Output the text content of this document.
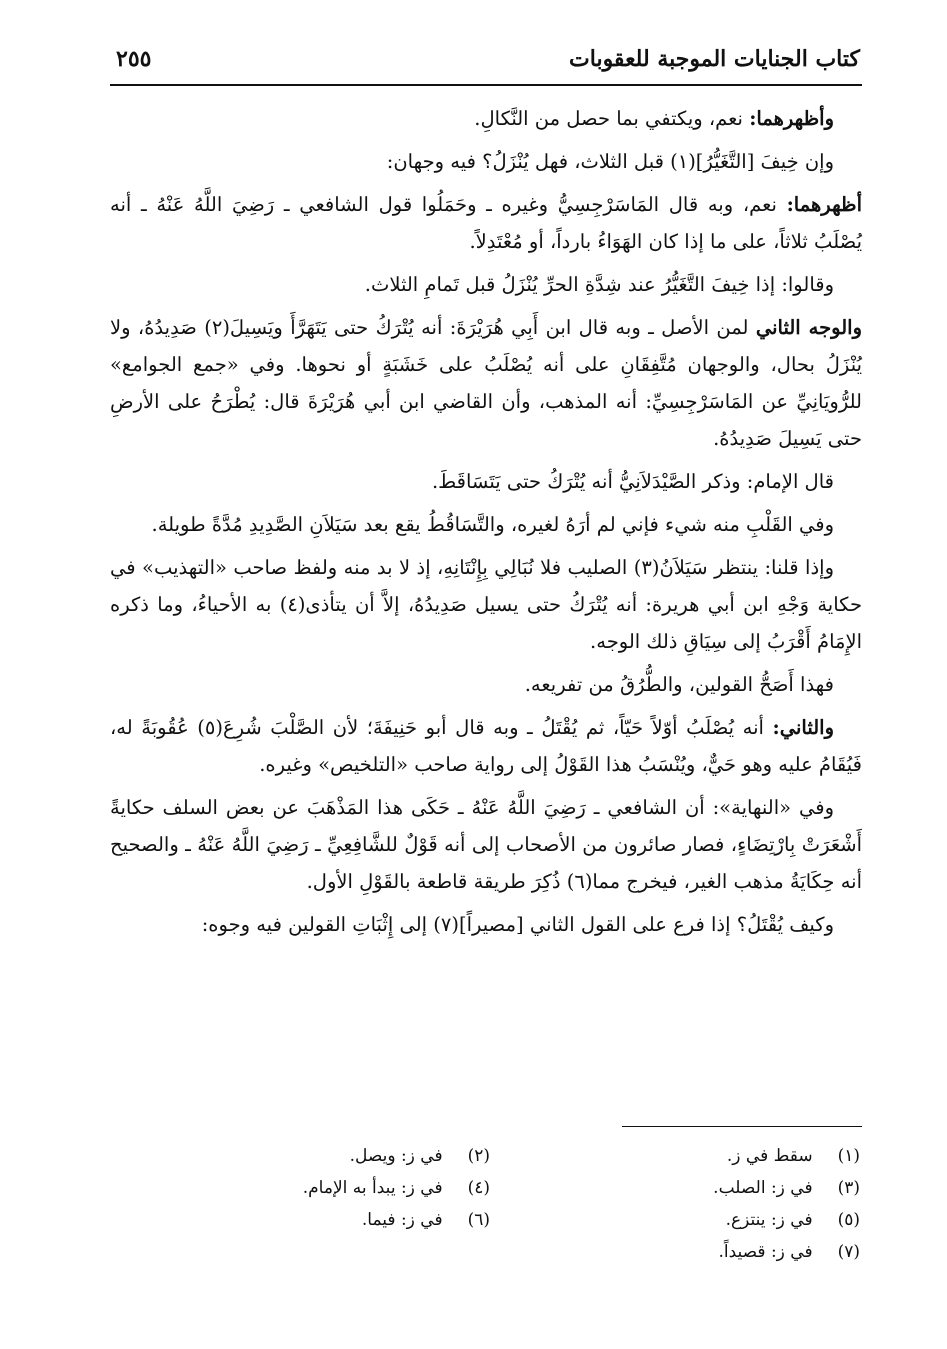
كتاب الجنايات الموجبة للعقوبات
٢٥٥

وأظهرهما: نعم، ويكتفي بما حصل من النَّكالِ.

وإن خِيفَ [التَّغَيُّرُ](١) قبل الثلاث، فهل يُنْزَلُ؟ فيه وجهان:

أظهرهما: نعم، وبه قال المَاسَرْجِسِيُّ وغيره ـ وحَمَلُوا قول الشافعي ـ رَضِيَ اللَّهُ عَنْهُ ـ أنه يُصْلَبُ ثلاثاً، على ما إذا كان الهَوَاءُ بارداً، أو مُعْتَدِلاً.

وقالوا: إذا خِيفَ التَّغَيُّرُ عند شِدَّةِ الحرِّ يُنْزَلُ قبل تَمامِ الثلاث.

والوجه الثاني لمن الأصل ـ وبه قال ابن أَبِي هُرَيْرَةَ: أنه يُتْرَكُ حتى يَتَهَرَّأَ ويَسِيلَ(٢) صَدِيدُهُ، ولا يُنْزَلُ بحال، والوجهان مُتَّفِقَانِ على أنه يُصْلَبُ على خَشَبَةٍ أو نحوها. وفي «جمع الجوامع» للرُّويَانِيِّ عن المَاسَرْجِسِيِّ: أنه المذهب، وأن القاضي ابن أبي هُرَيْرَةَ قال: يُطْرَحُ على الأرضِ حتى يَسِيلَ صَدِيدُهُ.

قال الإمام: وذكر الصَّيْدَلاَنِيُّ أنه يُتْرَكُ حتى يَتَسَاقَطَ.

وفي القَلْبِ منه شيء فإني لم أرَهُ لغيره، والتَّسَاقُطُ يقع بعد سَيَلاَنِ الصَّدِيدِ مُدَّةً طويلة.

وإذا قلنا: ينتظر سَيَلاَنُ(٣) الصليب فلا نُبَالِي بِإِنْتَانِهِ، إذ لا بد منه ولفظ صاحب «التهذيب» في حكاية وَجْهِ ابن أبي هريرة: أنه يُتْرَكُ حتى يسيل صَدِيدُهُ، إلاَّ أن يتأذى(٤) به الأحياءُ، وما ذكره الإِمَامُ أَقْرَبُ إلى سِيَاقِ ذلك الوجه.

فهذا أَصَحُّ القولين، والطُّرُقُ من تفريعه.

والثاني: أنه يُصْلَبُ أوّلاً حَيّاً، ثم يُقْتَلُ ـ وبه قال أبو حَنِيفَةَ؛ لأن الصَّلْبَ شُرِعَ(٥) عُقُوبَةً له، فَيُقَامُ عليه وهو حَيٌّ، ويُنْسَبُ هذا القَوْلُ إلى رواية صاحب «التلخيص» وغيره.

وفي «النهاية»: أن الشافعي ـ رَضِيَ اللَّهُ عَنْهُ ـ حَكَى هذا المَذْهَبَ عن بعض السلف حكايةً أَشْعَرَتْ بِارْتِضَاءٍ، فصار صائرون من الأصحاب إلى أنه قَوْلٌ للشَّافِعِيِّ ـ رَضِيَ اللَّهُ عَنْهُ ـ والصحيح أنه حِكَايَةُ مذهب الغير، فيخرج مما(٦) ذُكِرَ طريقة قاطعة بالقَوْلِ الأول.

وكيف يُقْتَلُ؟ إذا فرع على القول الثاني [مصيراً](٧) إلى إِثْبَاتِ القولين فيه وجوه:

(١) سقط في ز.
(٢) في ز: ويصل.
(٣) في ز: الصلب.
(٤) في ز: يبدأ به الإمام.
(٥) في ز: ينتزع.
(٦) في ز: فيما.
(٧) في ز: قصيداً.
